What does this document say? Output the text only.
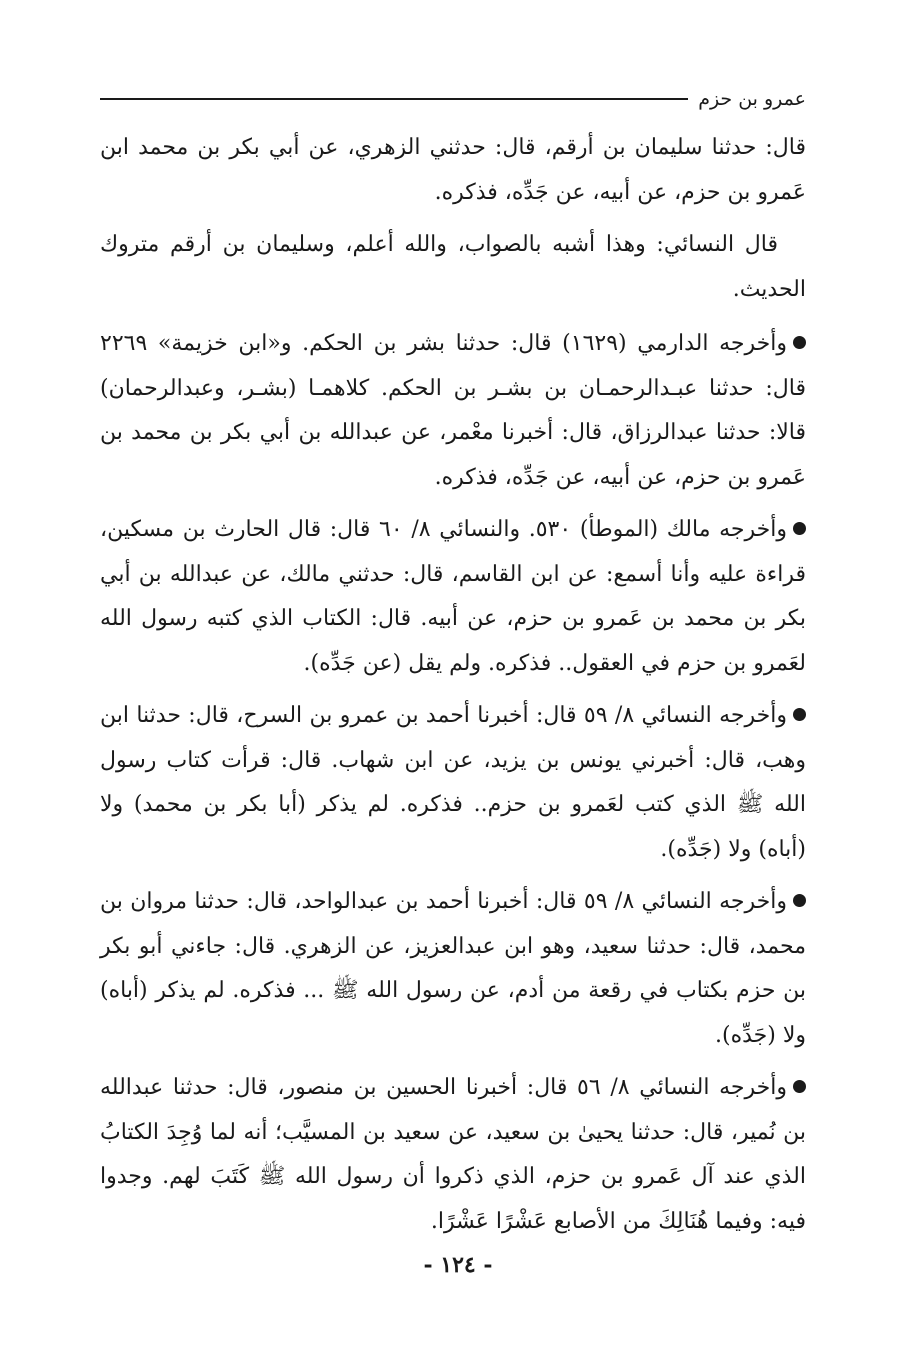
عمرو بن حزم

قال: حدثنا سليمان بن أرقم، قال: حدثني الزهري، عن أبي بكر بن محمد ابن عَمرو بن حزم، عن أبيه، عن جَدِّه، فذكره.

قال النسائي: وهذا أشبه بالصواب، والله أعلم، وسليمان بن أرقم متروك الحديث.

وأخرجه الدارمي (١٦٢٩) قال: حدثنا بشر بن الحكم. و«ابن خزيمة» ٢٢٦٩ قال: حدثنا عبـدالرحمـان بن بشـر بن الحكم. كلاهمـا (بشـر، وعبدالرحمان) قالا: حدثنا عبدالرزاق، قال: أخبرنا معْمر، عن عبدالله بن أبي بكر بن محمد بن عَمرو بن حزم، عن أبيه، عن جَدِّه، فذكره.

وأخرجه مالك (الموطأ) ٥٣٠. والنسائي ٨/ ٦٠ قال: قال الحارث بن مسكين، قراءة عليه وأنا أسمع: عن ابن القاسم، قال: حدثني مالك، عن عبدالله بن أبي بكر بن محمد بن عَمرو بن حزم، عن أبيه. قال: الكتاب الذي كتبه رسول الله لعَمرو بن حزم في العقول.. فذكره. ولم يقل (عن جَدِّه).

وأخرجه النسائي ٨/ ٥٩ قال: أخبرنا أحمد بن عمرو بن السرح، قال: حدثنا ابن وهب، قال: أخبرني يونس بن يزيد، عن ابن شهاب. قال: قرأت كتاب رسول الله ﷺ الذي كتب لعَمرو بن حزم.. فذكره. لم يذكر (أبا بكر بن محمد) ولا (أباه) ولا (جَدِّه).

وأخرجه النسائي ٨/ ٥٩ قال: أخبرنا أحمد بن عبدالواحد، قال: حدثنا مروان بن محمد، قال: حدثنا سعيد، وهو ابن عبدالعزيز، عن الزهري. قال: جاءني أبو بكر بن حزم بكتاب في رقعة من أدم، عن رسول الله ﷺ ... فذكره. لم يذكر (أباه) ولا (جَدِّه).

وأخرجه النسائي ٨/ ٥٦ قال: أخبرنا الحسين بن منصور، قال: حدثنا عبدالله بن نُمير، قال: حدثنا يحيىٰ بن سعيد، عن سعيد بن المسيَّب؛ أنه لما وُجِدَ الكتابُ الذي عند آل عَمرو بن حزم، الذي ذكروا أن رسول الله ﷺ كَتَبَ لهم. وجدوا فيه: وفيما هُنَالِكَ من الأصابع عَشْرًا عَشْرًا.

- ١٢٤ -
